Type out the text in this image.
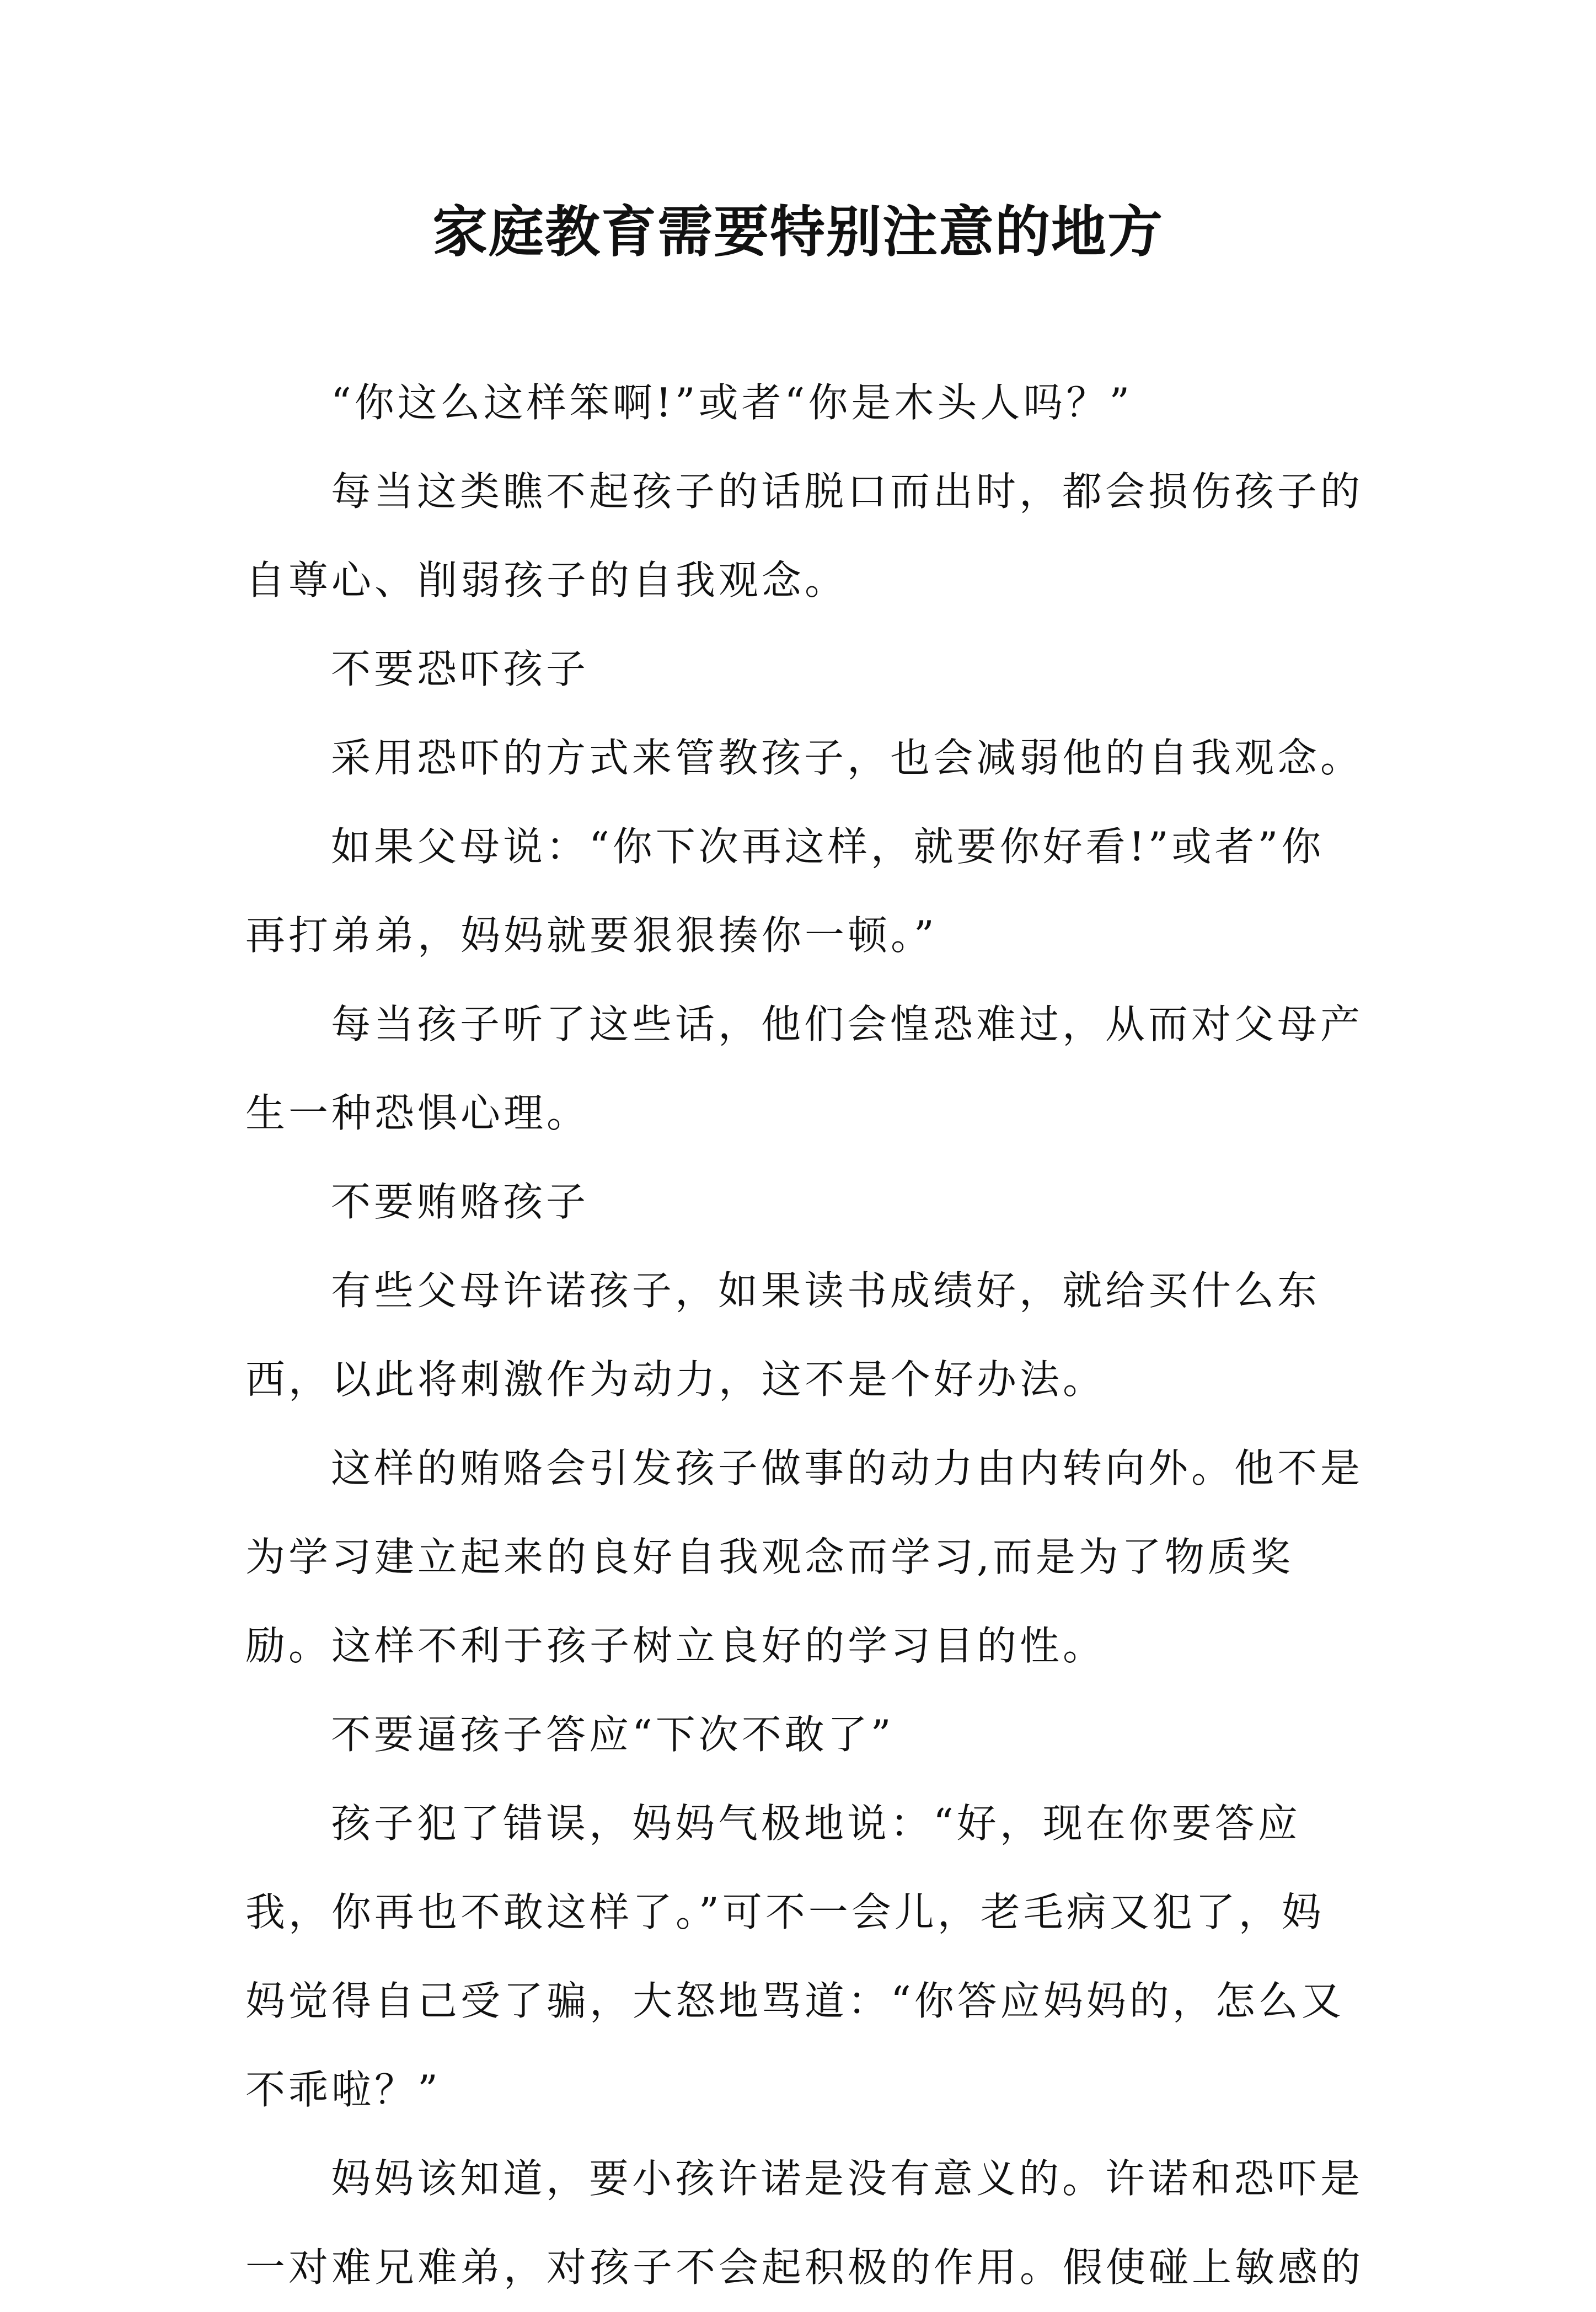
家庭教育需要特别注意的地方

“你这么这样笨啊!”或者“你是木头人吗？”

每当这类瞧不起孩子的话脱口而出时，都会损伤孩子的自尊心、削弱孩子的自我观念。

不要恐吓孩子

采用恐吓的方式来管教孩子，也会减弱他的自我观念。

如果父母说：“你下次再这样，就要你好看!”或者”你再打弟弟，妈妈就要狠狠揍你一顿。”

每当孩子听了这些话，他们会惶恐难过，从而对父母产生一种恐惧心理。

不要贿赂孩子

有些父母许诺孩子，如果读书成绩好，就给买什么东西，以此将刺激作为动力，这不是个好办法。

这样的贿赂会引发孩子做事的动力由内转向外。他不是为学习建立起来的良好自我观念而学习,而是为了物质奖励。这样不利于孩子树立良好的学习目的性。

不要逼孩子答应“下次不敢了”

孩子犯了错误，妈妈气极地说：“好，现在你要答应我，你再也不敢这样了。”可不一会儿，老毛病又犯了，妈妈觉得自己受了骗，大怒地骂道：“你答应妈妈的，怎么又不乖啦？”

妈妈该知道，要小孩许诺是没有意义的。许诺和恐吓是一对难兄难弟，对孩子不会起积极的作用。假使碰上敏感的
